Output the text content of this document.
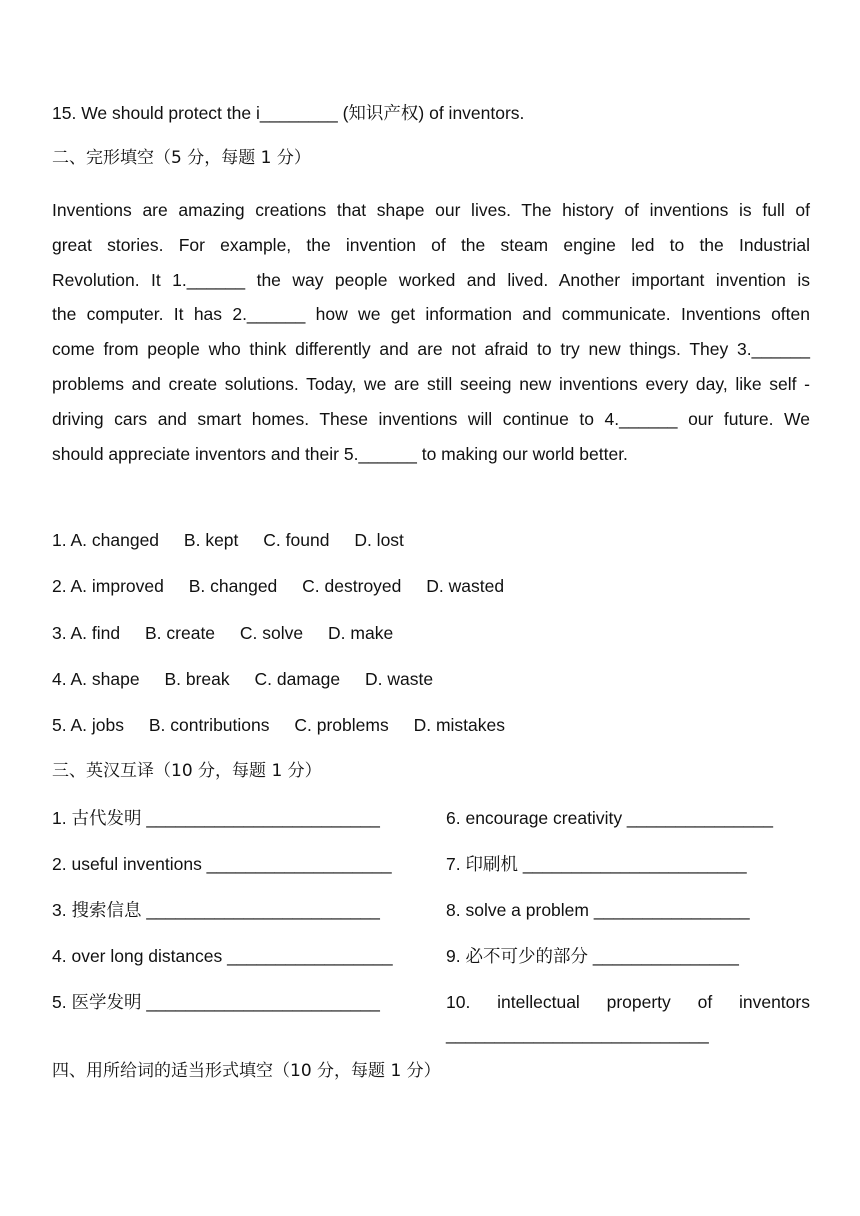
15. We should protect the i________ (知识产权) of inventors.
二、完形填空（5 分，每题 1 分）
Inventions are amazing creations that shape our lives. The history of inventions is full of
great stories. For example, the invention of the steam engine led to the Industrial
Revolution. It 1.______ the way people worked and lived. Another important invention is
the computer. It has 2.______ how we get information and communicate. Inventions often
come from people who think differently and are not afraid to try new things. They 3.______
problems and create solutions. Today, we are still seeing new inventions every day, like self -
driving cars and smart homes. These inventions will continue to 4.______ our future. We
should appreciate inventors and their 5.______ to making our world better.
1. A. changed B. kept C. found D. lost
2. A. improved B. changed C. destroyed D. wasted
3. A. find B. create C. solve D. make
4. A. shape B. break C. damage D. waste
5. A. jobs B. contributions C. problems D. mistakes
三、英汉互译（10 分，每题 1 分）
1. 古代发明 ________________________
2. useful inventions ___________________
3. 搜索信息 ________________________
4. over long distances _________________
5. 医学发明 ________________________
6. encourage creativity _______________
7. 印刷机 _______________________
8. solve a problem ________________
9. 必不可少的部分 _______________
10. intellectual property of inventors
___________________________
四、用所给词的适当形式填空（10 分，每题 1 分）
